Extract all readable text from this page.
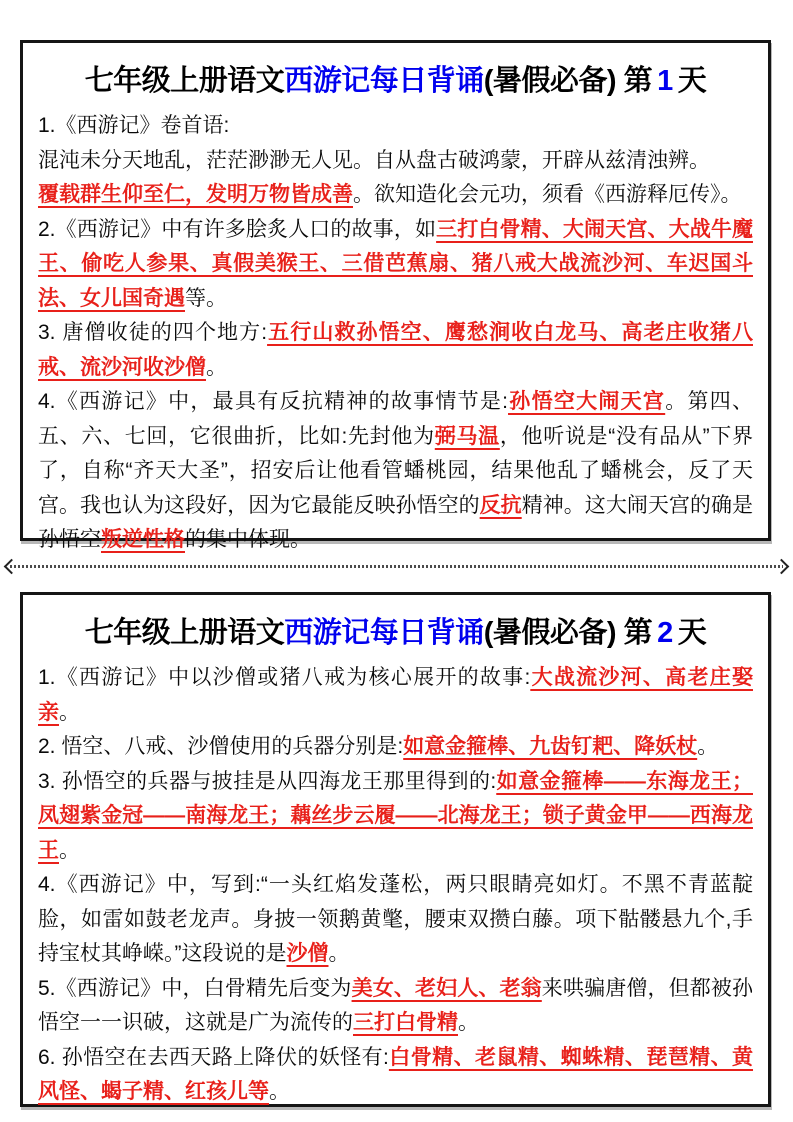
七年级上册语文西游记每日背诵(暑假必备) 第 1 天

1.《西游记》卷首语:

混沌未分天地乱，茫茫渺渺无人见。自从盘古破鸿蒙，开辟从兹清浊辨。

覆载群生仰至仁，发明万物皆成善。欲知造化会元功，须看《西游释厄传》。

2.《西游记》中有许多脍炙人口的故事，如三打白骨精、大闹天宫、大战牛魔王、偷吃人参果、真假美猴王、三借芭蕉扇、猪八戒大战流沙河、车迟国斗法、女儿国奇遇等。

3. 唐僧收徒的四个地方:五行山救孙悟空、鹰愁涧收白龙马、高老庄收猪八戒、流沙河收沙僧。

4.《西游记》中，最具有反抗精神的故事情节是:孙悟空大闹天宫。第四、五、六、七回，它很曲折，比如:先封他为弼马温，他听说是“没有品从”下界了，自称“齐天大圣”，招安后让他看管蟠桃园，结果他乱了蟠桃会，反了天宫。我也认为这段好，因为它最能反映孙悟空的反抗精神。这大闹天宫的确是孙悟空叛逆性格的集中体现。

七年级上册语文西游记每日背诵(暑假必备) 第 2 天

1.《西游记》中以沙僧或猪八戒为核心展开的故事:大战流沙河、高老庄娶亲。

2. 悟空、八戒、沙僧使用的兵器分别是:如意金箍棒、九齿钉耙、降妖杖。

3. 孙悟空的兵器与披挂是从四海龙王那里得到的:如意金箍棒——东海龙王；凤翅紫金冠——南海龙王；藕丝步云履——北海龙王；锁子黄金甲——西海龙王。

4.《西游记》中，写到:“一头红焰发蓬松，两只眼睛亮如灯。不黑不青蓝靛脸，如雷如鼓老龙声。身披一领鹅黄氅，腰束双攒白藤。项下骷髅悬九个,手持宝杖其峥嵘。”这段说的是沙僧。

5.《西游记》中，白骨精先后变为美女、老妇人、老翁来哄骗唐僧，但都被孙悟空一一识破，这就是广为流传的三打白骨精。

6. 孙悟空在去西天路上降伏的妖怪有:白骨精、老鼠精、蜘蛛精、琵琶精、黄风怪、蝎子精、红孩儿等。
